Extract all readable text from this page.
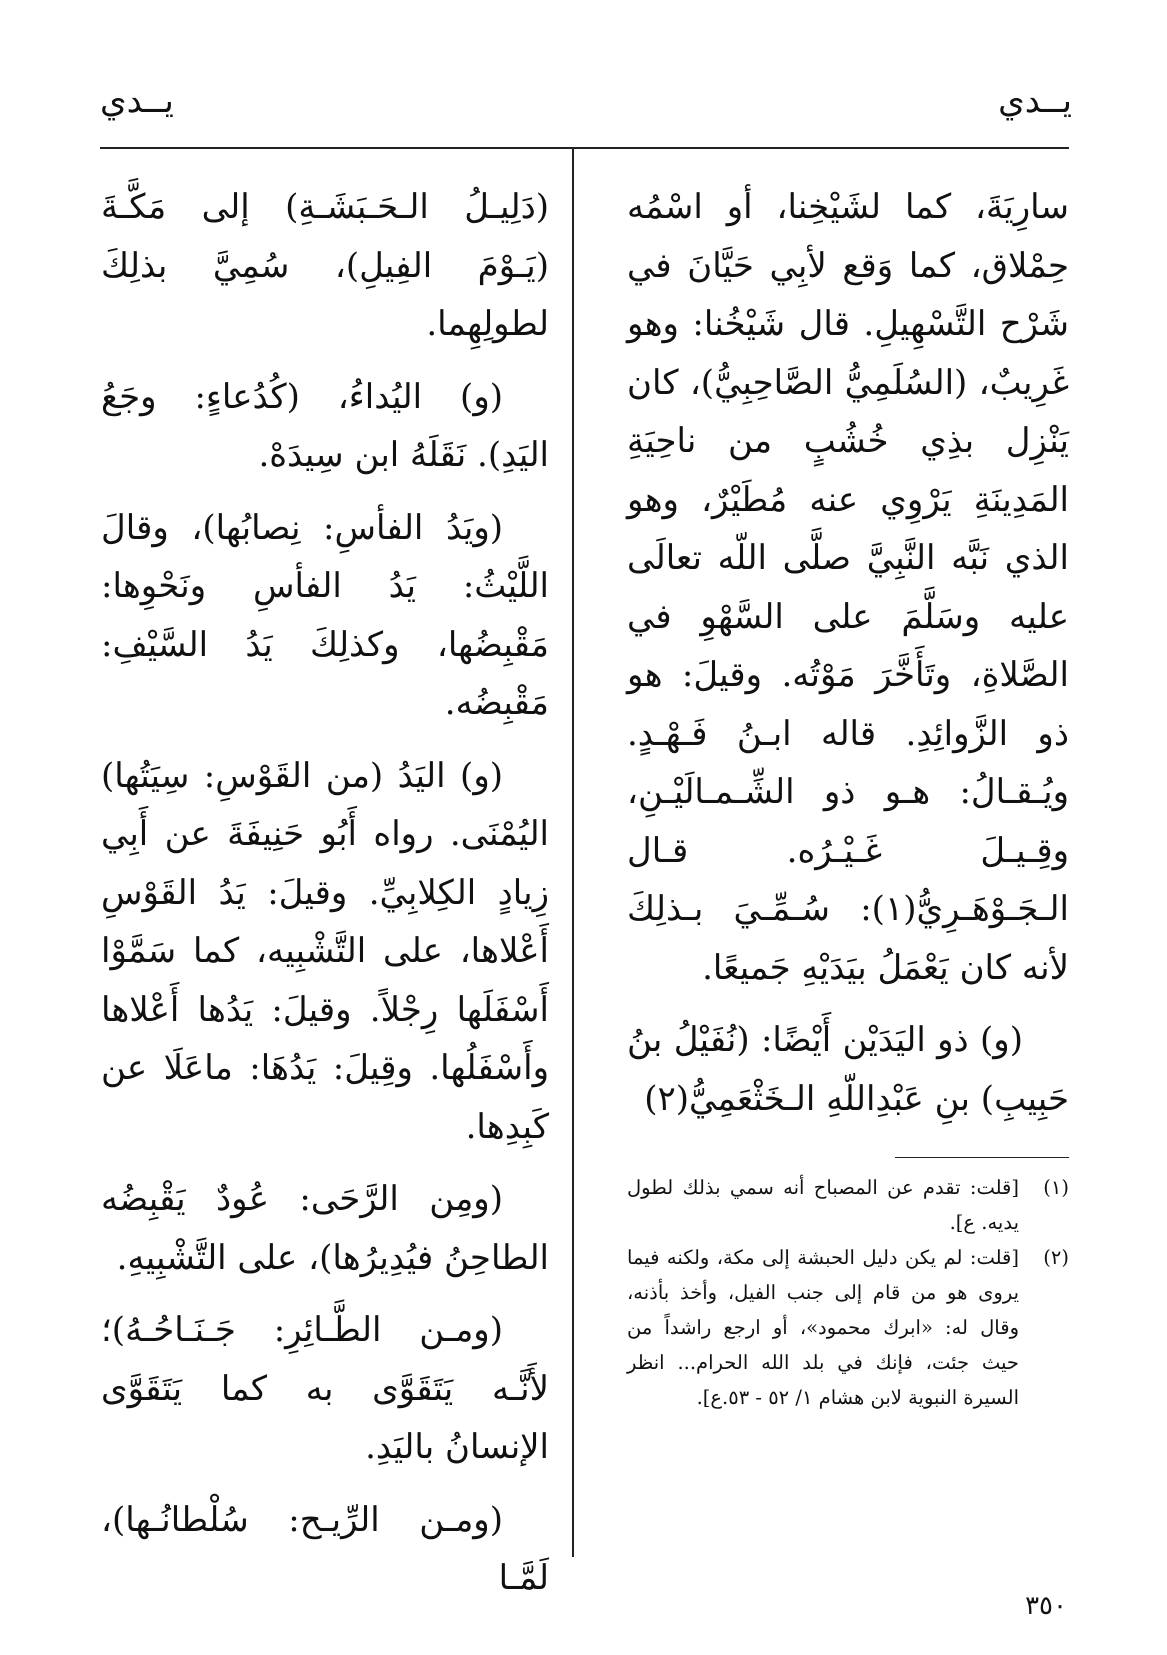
يــدي
يــدي

سارِيَةَ، كما لشَيْخِنا، أو اسْمُه حِمْلاق، كما وَقع لأبِي حَيَّانَ في شَرْح التَّسْهِيلِ. قال شَيْخُنا: وهو غَرِيبٌ، (السُلَمِيُّ الصَّاحِبِيُّ)، كان يَنْزِل بذِي خُشُبٍ من ناحِيَةِ المَدِينَةِ يَرْوِي عنه مُطَيْرٌ، وهو الذي نَبَّه النَّبِيَّ صلَّى اللّه تعالَى عليه وسَلَّمَ على السَّهْوِ في الصَّلاةِ، وتَأَخَّرَ مَوْتُه. وقيلَ: هو ذو الزَّوائِدِ. قاله ابـنُ فَـهْـدٍ. ويُـقـالُ: هـو ذو الشِّـمـالَيْـنِ، وقِـيـلَ غَـيْـرُه. قـال الـجَـوْهَـرِيُّ(١): سُـمِّـيَ بـذلِكَ لأنه كان يَعْمَلُ بيَدَيْهِ جَميعًا.

(و) ذو اليَدَيْن أَيْضًا: (نُفَيْلُ بنُ حَبِيبِ) بنِ عَبْدِاللّهِ الـخَثْعَمِيُّ(٢)

(دَلِيـلُ الـحَـبَشَـةِ) إلى مَكَّـةَ (يَـوْمَ الفِيلِ)، سُمِيَّ بذلِكَ لطولِهِما.

(و) اليُداءُ، (كُدُعاءٍ: وجَعُ اليَدِ). نَقَلَهُ ابن سِيدَهْ.

(ويَدُ الفأسِ: نِصابُها)، وقالَ اللَّيْثُ: يَدُ الفأسِ ونَحْوِها: مَقْبِضُها، وكذلِكَ يَدُ السَّيْفِ: مَقْبِضُه.

(و) اليَدُ (من القَوْسِ: سِيَتُها) اليُمْنَى. رواه أَبُو حَنِيفَةَ عن أَبِي زِيادٍ الكِلابِيِّ. وقيلَ: يَدُ القَوْسِ أَعْلاها، على التَّشْبِيه، كما سَمَّوْا أَسْفَلَها رِجْلاً. وقيلَ: يَدُها أَعْلاها وأَسْفَلُها. وقِيلَ: يَدُهَا: ماعَلَا عن كَبِدِها.

(ومِن الرَّحَى: عُودٌ يَقْبِضُه الطاحِنُ فيُدِيرُها)، على التَّشْبِيهِ.

(ومـن الطَّـائِرِ: جَـنَـاحُـهُ)؛ لأَنَّـه يَتَقَوَّى به كما يَتَقَوَّى الإنسانُ باليَدِ.

(ومـن الرِّيـح: سُلْطانُـها)، لَمَّـا

(١)
[قلت: تقدم عن المصباح أنه سمي بذلك لطول يديه. ع].
(٢)
[قلت: لم يكن دليل الحبشة إلى مكة، ولكنه فيما يروى هو من قام إلى جنب الفيل، وأخذ بأذنه، وقال له: «ابرك محمود»، أو ارجع راشداً من حيث جئت، فإنك في بلد الله الحرام... انظر السيرة النبوية لابن هشام ١/ ٥٢ - ٥٣.ع].
٣٥٠
